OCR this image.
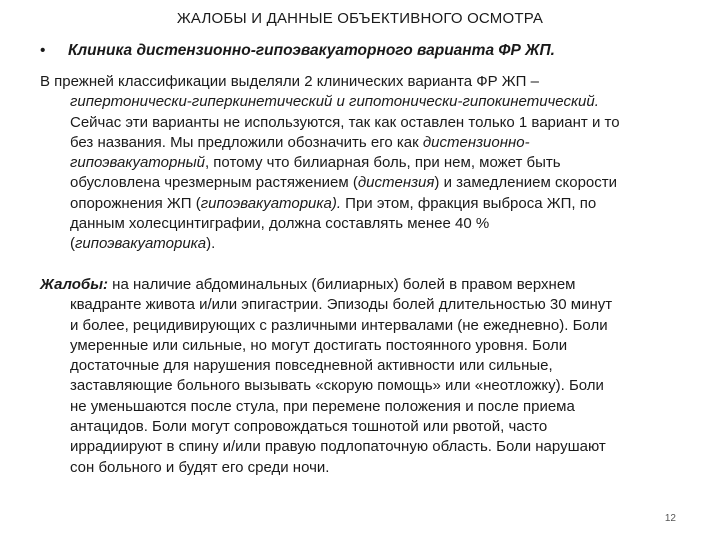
ЖАЛОБЫ И ДАННЫЕ ОБЪЕКТИВНОГО ОСМОТРА
• Клиника дистензионно-гипоэвакуаторного варианта ФР ЖП.
В прежней классификации выделяли 2 клинических варианта ФР ЖП –
гипертонически-гиперкинетический и гипотонически-гипокинетический.
Сейчас эти варианты не используются, так как оставлен только 1 вариант и то
без названия. Мы предложили обозначить его как дистензионно-
гипоэвакуаторный, потому что билиарная боль, при нем, может быть
обусловлена чрезмерным растяжением (дистензия) и замедлением скорости
опорожнения ЖП (гипоэвакуаторика). При этом, фракция выброса ЖП, по
данным холесцинтиграфии, должна составлять менее 40 %
(гипоэвакуаторика).
Жалобы: на наличие абдоминальных (билиарных) болей в правом верхнем
квадранте живота и/или эпигастрии. Эпизоды болей длительностью 30 минут
и более, рецидивирующих с различными интервалами (не ежедневно). Боли
умеренные или сильные, но могут достигать постоянного уровня. Боли
достаточные для нарушения повседневной активности или сильные,
заставляющие больного вызывать «скорую помощь» или «неотложку). Боли
не уменьшаются после стула, при перемене положения и после приема
антацидов. Боли могут сопровождаться тошнотой или рвотой, часто
иррадиируют в спину и/или правую подлопаточную область. Боли нарушают
сон больного и будят его среди ночи.
12
